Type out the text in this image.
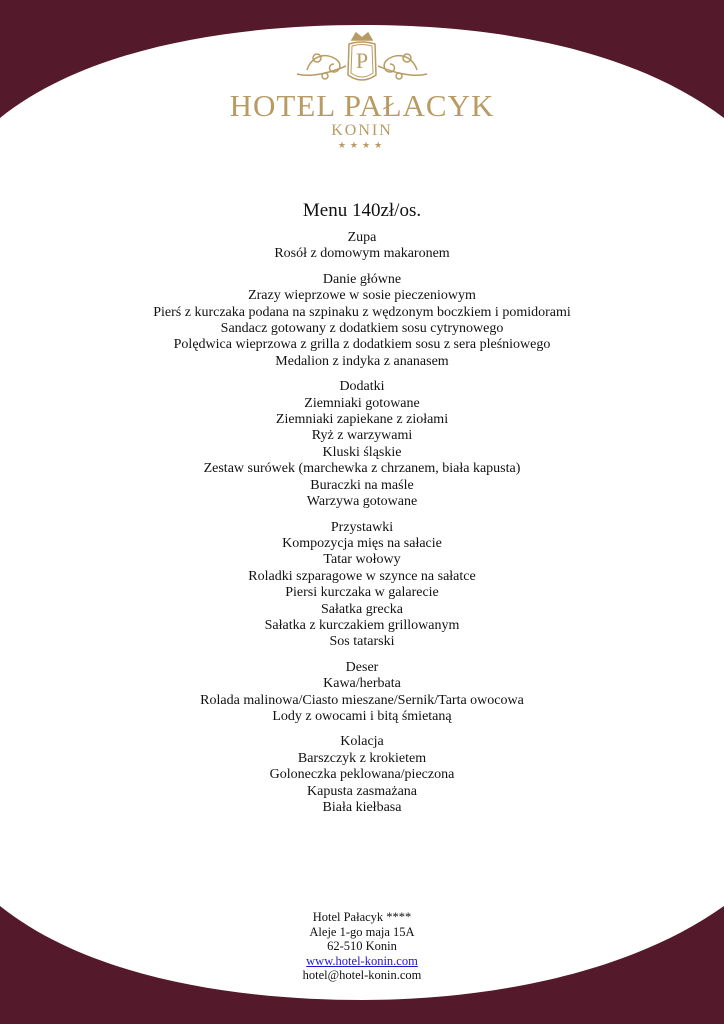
P
HOTEL PAŁACYK
KONIN
★★★★
Menu 140zł/os.
Zupa
Rosół z domowym makaronem
Danie główne
Zrazy wieprzowe w sosie pieczeniowym
Pierś z kurczaka podana na szpinaku z wędzonym boczkiem i pomidorami
Sandacz gotowany z dodatkiem sosu cytrynowego
Polędwica wieprzowa z grilla z dodatkiem sosu z sera pleśniowego
Medalion z indyka z ananasem
Dodatki
Ziemniaki gotowane
Ziemniaki zapiekane z ziołami
Ryż z warzywami
Kluski śląskie
Zestaw surówek (marchewka z chrzanem, biała kapusta)
Buraczki na maśle
Warzywa gotowane
Przystawki
Kompozycja mięs na sałacie
Tatar wołowy
Roladki szparagowe w szynce na sałatce
Piersi kurczaka w galarecie
Sałatka grecka
Sałatka z kurczakiem grillowanym
Sos tatarski
Deser
Kawa/herbata
Rolada malinowa/Ciasto mieszane/Sernik/Tarta owocowa
Lody z owocami i bitą śmietaną
Kolacja
Barszczyk z krokietem
Goloneczka peklowana/pieczona
Kapusta zasmażana
Biała kiełbasa
Hotel Pałacyk ****
Aleje 1-go maja 15A
62-510 Konin
www.hotel-konin.com
hotel@hotel-konin.com
